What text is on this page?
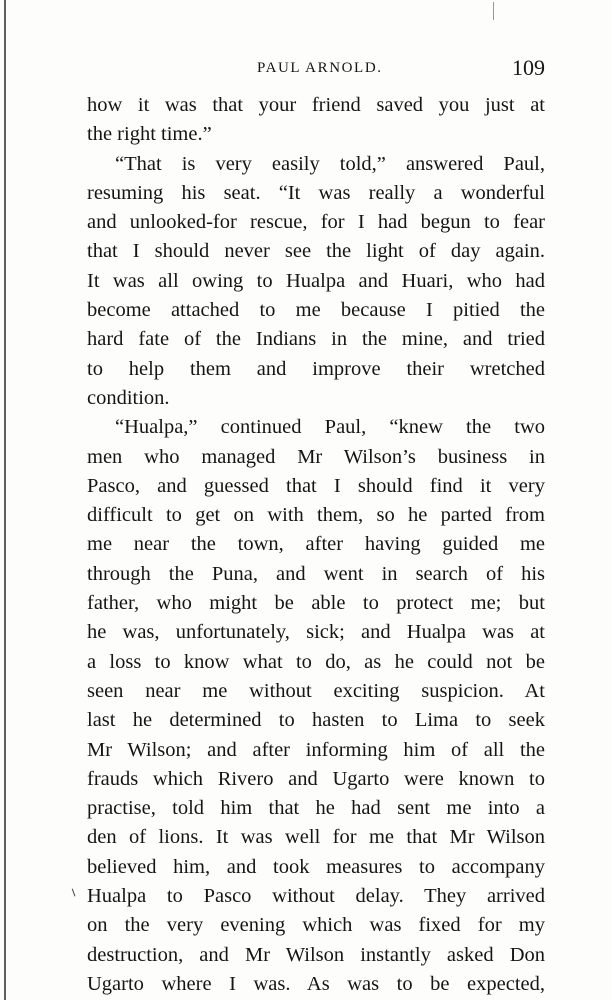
PAUL ARNOLD.	109
how it was that your friend saved you just at
the right time.”
“That is very easily told,” answered Paul,
resuming his seat. “It was really a wonderful
and unlooked-for rescue, for I had begun to fear
that I should never see the light of day again.
It was all owing to Hualpa and Huari, who had
become attached to me because I pitied the
hard fate of the Indians in the mine, and tried
to help them and improve their wretched
condition.
“Hualpa,” continued Paul, “knew the two
men who managed Mr Wilson’s business in
Pasco, and guessed that I should find it very
difficult to get on with them, so he parted from
me near the town, after having guided me
through the Puna, and went in search of his
father, who might be able to protect me; but
he was, unfortunately, sick; and Hualpa was at
a loss to know what to do, as he could not be
seen near me without exciting suspicion. At
last he determined to hasten to Lima to seek
Mr Wilson; and after informing him of all the
frauds which Rivero and Ugarto were known to
practise, told him that he had sent me into a
den of lions. It was well for me that Mr Wilson
believed him, and took measures to accompany
Hualpa to Pasco without delay. They arrived
on the very evening which was fixed for my
destruction, and Mr Wilson instantly asked Don
Ugarto where I was. As was to be expected,
